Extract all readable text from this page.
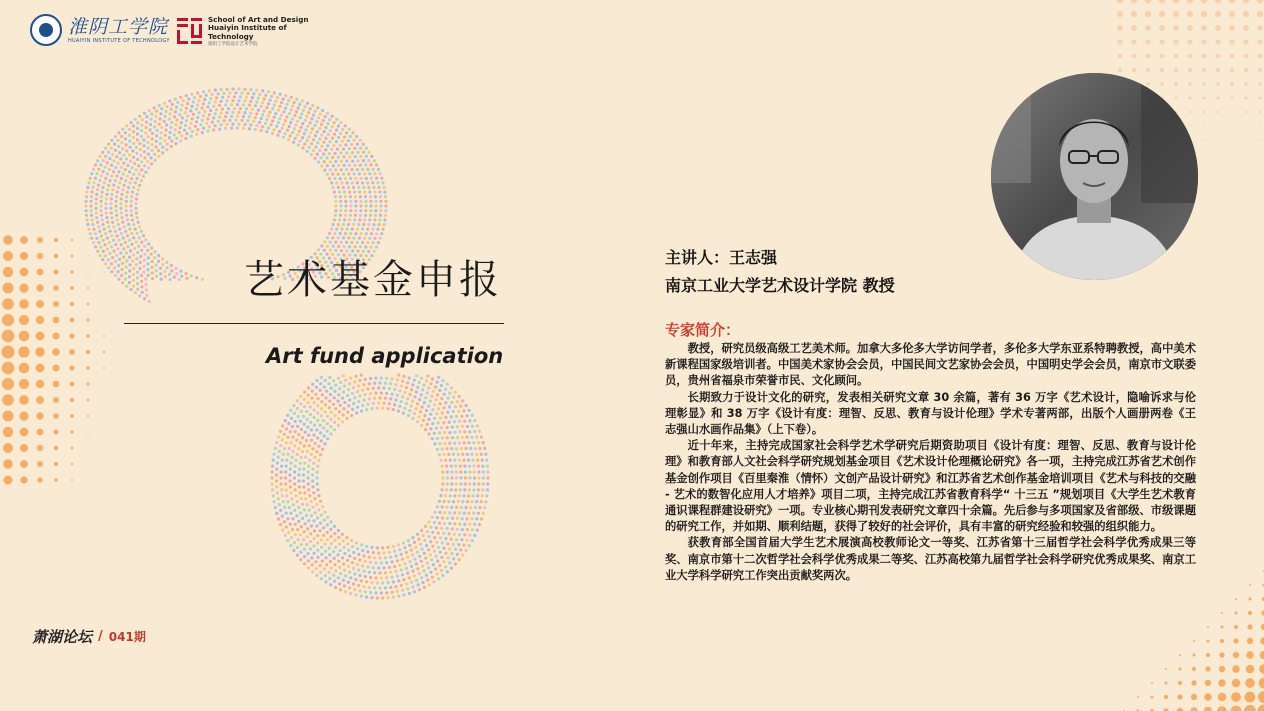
淮阴工学院
HUAIYIN INSTITUTE OF TECHNOLOGY
School of Art and Design
Huaiyin Institute of
Technology
淮阴工学院设计艺术学院
艺术基金申报
Art fund application
萧湖论坛 / 041期
主讲人：王志强
南京工业大学艺术设计学院 教授
专家简介：

教授，研究员级高级工艺美术师。加拿大多伦多大学访问学者，多伦多大学东亚系特聘教授，高中美术新课程国家级培训者。中国美术家协会会员，中国民间文艺家协会会员，中国明史学会会员，南京市文联委员，贵州省福泉市荣誉市民、文化顾问。

长期致力于设计文化的研究，发表相关研究文章 30 余篇，著有 36 万字《艺术设计，隐喻诉求与伦理彰显》和 38 万字《设计有度：理智、反思、教育与设计伦理》学术专著两部，出版个人画册两卷《王志强山水画作品集》（上下卷）。

近十年来，主持完成国家社会科学艺术学研究后期资助项目《设计有度：理智、反思、教育与设计伦理》和教育部人文社会科学研究规划基金项目《艺术设计伦理概论研究》各一项，主持完成江苏省艺术创作基金创作项目《百里秦淮（情怀）文创产品设计研究》和江苏省艺术创作基金培训项目《艺术与科技的交融 - 艺术的数智化应用人才培养》项目二项，主持完成江苏省教育科学“ 十三五 ”规划项目《大学生艺术教育通识课程群建设研究》一项。专业核心期刊发表研究文章四十余篇。先后参与多项国家及省部级、市级课题的研究工作，并如期、顺利结题，获得了较好的社会评价，具有丰富的研究经验和较强的组织能力。

获教育部全国首届大学生艺术展演高校教师论文一等奖、江苏省第十三届哲学社会科学优秀成果三等奖、南京市第十二次哲学社会科学优秀成果二等奖、江苏高校第九届哲学社会科学研究优秀成果奖、南京工业大学科学研究工作突出贡献奖两次。
